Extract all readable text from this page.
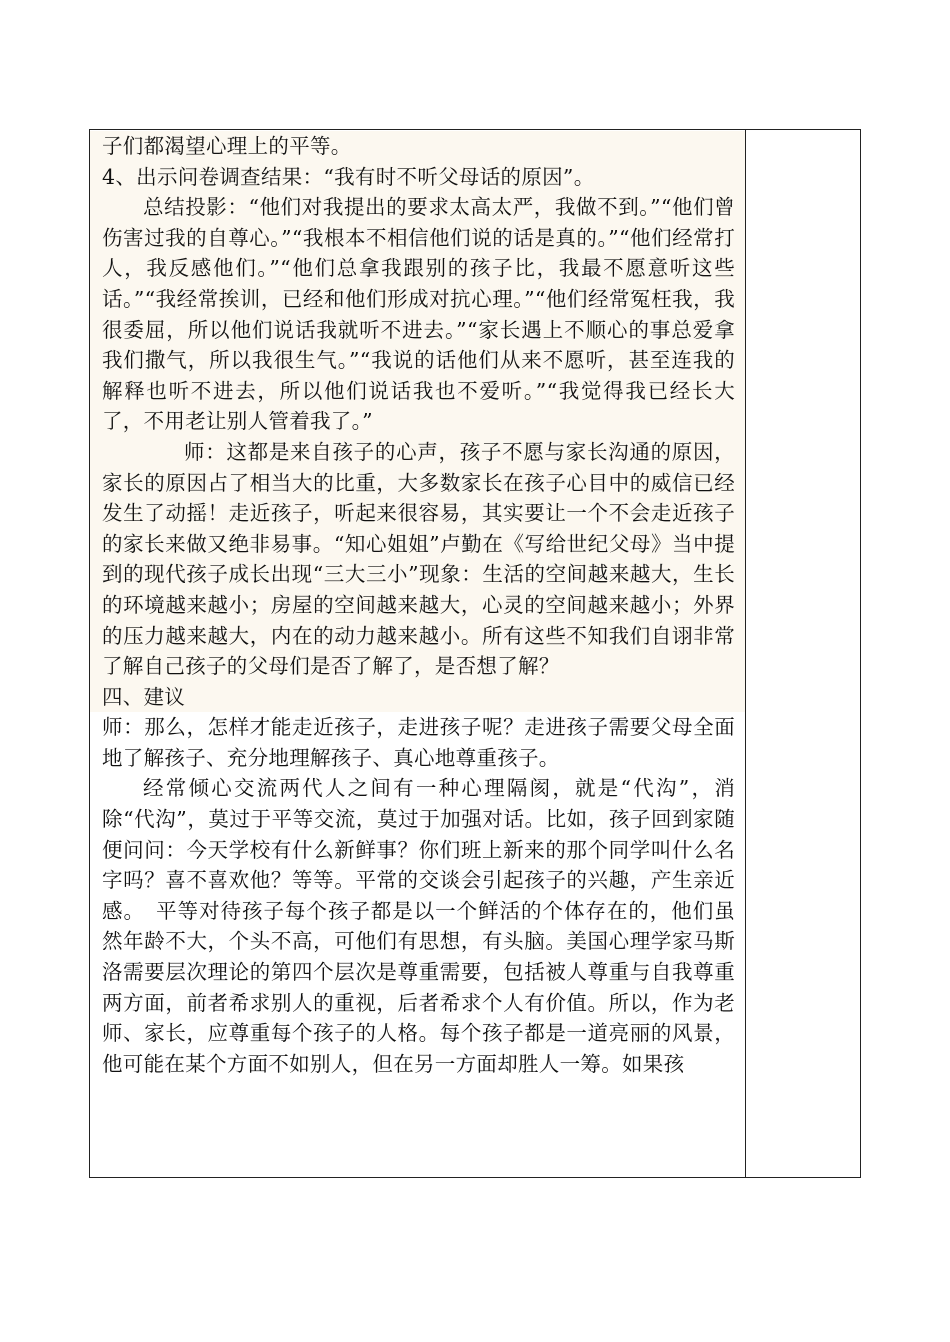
子们都渴望心理上的平等。

4、出示问卷调查结果：“我有时不听父母话的原因”。

总结投影：“他们对我提出的要求太高太严，我做不到。”“他们曾伤害过我的自尊心。”“我根本不相信他们说的话是真的。”“他们经常打人，我反感他们。”“他们总拿我跟别的孩子比，我最不愿意听这些话。”“我经常挨训，已经和他们形成对抗心理。”“他们经常冤枉我，我很委屈，所以他们说话我就听不进去。”“家长遇上不顺心的事总爱拿我们撒气，所以我很生气。”“我说的话他们从来不愿听，甚至连我的解释也听不进去，所以他们说话我也不爱听。”“我觉得我已经长大了，不用老让别人管着我了。”

师：这都是来自孩子的心声，孩子不愿与家长沟通的原因，家长的原因占了相当大的比重，大多数家长在孩子心目中的威信已经发生了动摇！走近孩子，听起来很容易，其实要让一个不会走近孩子的家长来做又绝非易事。“知心姐姐”卢勤在《写给世纪父母》当中提到的现代孩子成长出现“三大三小”现象：生活的空间越来越大，生长的环境越来越小；房屋的空间越来越大，心灵的空间越来越小；外界的压力越来越大，内在的动力越来越小。所有这些不知我们自诩非常了解自己孩子的父母们是否了解了，是否想了解？

四、建议

师：那么，怎样才能走近孩子，走进孩子呢？走进孩子需要父母全面地了解孩子、充分地理解孩子、真心地尊重孩子。

经常倾心交流两代人之间有一种心理隔阂，就是“代沟”，消除“代沟”，莫过于平等交流，莫过于加强对话。比如，孩子回到家随便问问：今天学校有什么新鲜事？你们班上新来的那个同学叫什么名字吗？喜不喜欢他？等等。平常的交谈会引起孩子的兴趣，产生亲近感。　平等对待孩子每个孩子都是以一个鲜活的个体存在的，他们虽然年龄不大，个头不高，可他们有思想，有头脑。美国心理学家马斯洛需要层次理论的第四个层次是尊重需要，包括被人尊重与自我尊重两方面，前者希求别人的重视，后者希求个人有价值。所以，作为老师、家长，应尊重每个孩子的人格。每个孩子都是一道亮丽的风景，他可能在某个方面不如别人，但在另一方面却胜人一筹。如果孩
